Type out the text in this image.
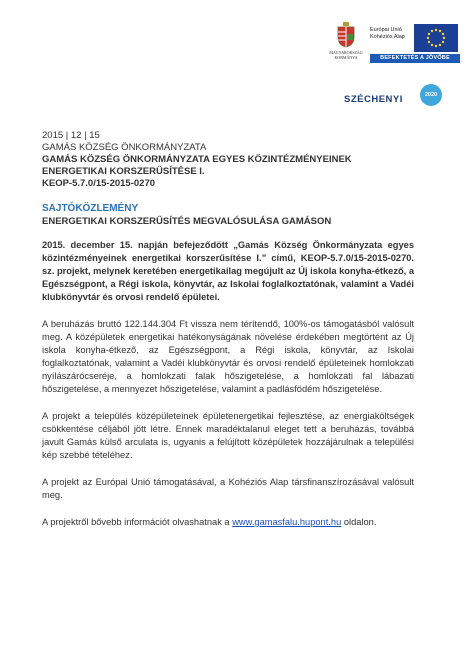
MAGYARORSZÁG
KORMÁNYA
Európai Unió
Kohéziós Alap
BEFEKTETÉS A JÖVŐBE
SZÉCHENYI	2020
2015 | 12 | 15
GAMÁS KÖZSÉG ÖNKORMÁNYZATA
GAMÁS KÖZSÉG ÖNKORMÁNYZATA EGYES KÖZINTÉZMÉNYEINEK
ENERGETIKAI KORSZERŰSÍTÉSE I.
KEOP-5.7.0/15-2015-0270
SAJTÓKÖZLEMÉNY
ENERGETIKAI KORSZERŰSÍTÉS MEGVALÓSULÁSA GAMÁSON
2015. december 15. napján befejeződött „Gamás Község Önkormányzata egyes közintézményeinek energetikai korszerűsítése I.” című, KEOP-5.7.0/15-2015-0270. sz. projekt, melynek keretében energetikailag megújult az Új iskola konyha-étkező, a Egészségpont, a Régi iskola, könyvtár, az Iskolai foglalkoztatónak, valamint a Vadéi klubkönyvtár és orvosi rendelő épületei.
A beruházás bruttó 122.144.304 Ft vissza nem térítendő, 100%-os támogatásból valósult meg. A középületek energetikai hatékonyságának növelése érdekében megtörtént az Új iskola konyha-étkező, az Egészségpont, a Régi iskola, könyvtár, az Iskolai foglalkoztatónak, valamint a Vadéi klubkönyvtár és orvosi rendelő épületeinek homlokzati nyílászárócseréje, a homlokzati falak hőszigetelése, a homlokzati fal lábazati hőszigetelése, a mennyezet hőszigetelése, valamint a padlásfödém hőszigetelése.
A projekt a település középületeinek épületenergetikai fejlesztése, az energiaköltségek csökkentése céljából jött létre. Ennek maradéktalanul eleget tett a beruházás, továbbá javult Gamás külső arculata is, ugyanis a felújított középületek hozzájárulnak a települési kép szebbé tételéhez.
A projekt az Európai Unió támogatásával, a Kohéziós Alap társfinanszírozásával valósult meg.
A projektről bővebb információt olvashatnak a www.gamasfalu.hupont.hu oldalon.
